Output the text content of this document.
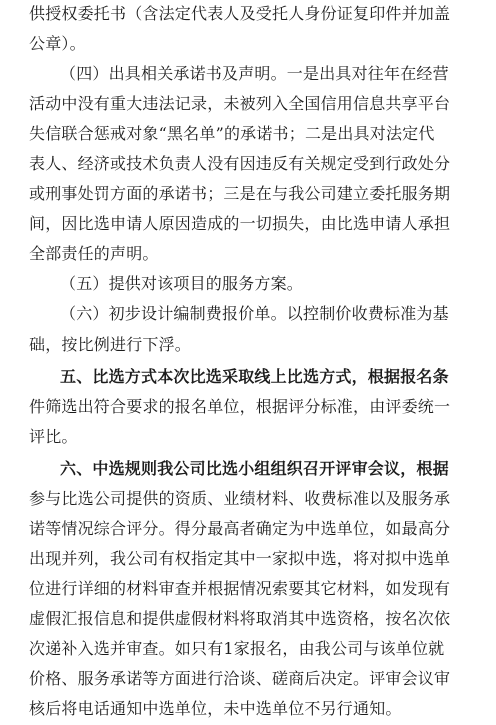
供授权委托书（含法定代表人及受托人身份证复印件并加盖
公章）。
（四）出具相关承诺书及声明。一是出具对往年在经营
活动中没有重大违法记录，未被列入全国信用信息共享平台
失信联合惩戒对象“黑名单”的承诺书；二是出具对法定代
表人、经济或技术负责人没有因违反有关规定受到行政处分
或刑事处罚方面的承诺书；三是在与我公司建立委托服务期
间，因比选申请人原因造成的一切损失，由比选申请人承担
全部责任的声明。
（五）提供对该项目的服务方案。
（六）初步设计编制费报价单。以控制价收费标准为基
础，按比例进行下浮。
五、比选方式本次比选采取线上比选方式，根据报名条
件筛选出符合要求的报名单位，根据评分标准，由评委统一
评比。
六、中选规则我公司比选小组组织召开评审会议，根据
参与比选公司提供的资质、业绩材料、收费标准以及服务承
诺等情况综合评分。得分最高者确定为中选单位，如最高分
出现并列，我公司有权指定其中一家拟中选，将对拟中选单
位进行详细的材料审查并根据情况索要其它材料，如发现有
虚假汇报信息和提供虚假材料将取消其中选资格，按名次依
次递补入选并审查。如只有1家报名，由我公司与该单位就
价格、服务承诺等方面进行洽谈、磋商后决定。评审会议审
核后将电话通知中选单位，未中选单位不另行通知。
